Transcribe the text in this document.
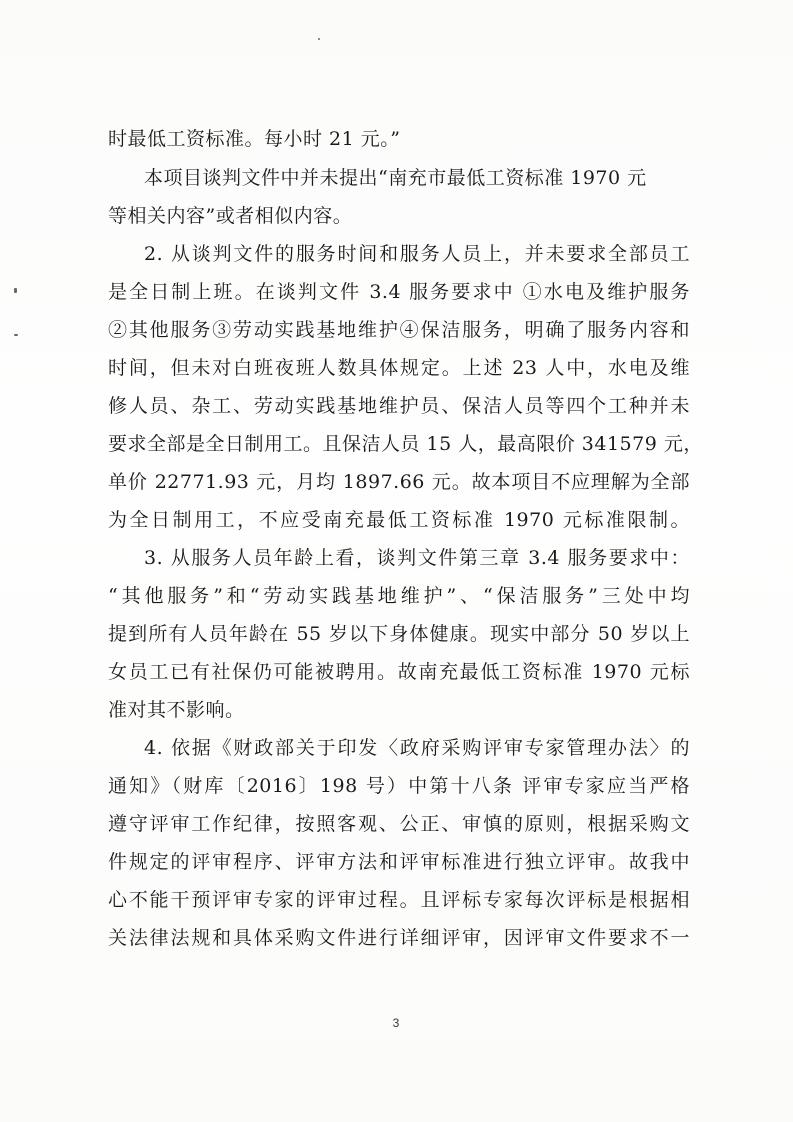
时最低工资标准。每小时 21 元。”
本项目谈判文件中并未提出“南充市最低工资标准 1970 元
等相关内容”或者相似内容。
2. 从谈判文件的服务时间和服务人员上，并未要求全部员工
是全日制上班。在谈判文件 3.4 服务要求中 ①水电及维护服务
②其他服务③劳动实践基地维护④保洁服务，明确了服务内容和
时间，但未对白班夜班人数具体规定。上述 23 人中，水电及维
修人员、杂工、劳动实践基地维护员、保洁人员等四个工种并未
要求全部是全日制用工。且保洁人员 15 人，最高限价 341579 元，
单价 22771.93 元，月均 1897.66 元。故本项目不应理解为全部
为全日制用工，不应受南充最低工资标准 1970 元标准限制。
3. 从服务人员年龄上看，谈判文件第三章 3.4 服务要求中：
“其他服务”和“劳动实践基地维护”、“保洁服务”三处中均
提到所有人员年龄在 55 岁以下身体健康。现实中部分 50 岁以上
女员工已有社保仍可能被聘用。故南充最低工资标准 1970 元标
准对其不影响。
4. 依据《财政部关于印发〈政府采购评审专家管理办法〉的
通知》（财库〔2016〕198 号）中第十八条 评审专家应当严格
遵守评审工作纪律，按照客观、公正、审慎的原则，根据采购文
件规定的评审程序、评审方法和评审标准进行独立评审。故我中
心不能干预评审专家的评审过程。且评标专家每次评标是根据相
关法律法规和具体采购文件进行详细评审，因评审文件要求不一
3
